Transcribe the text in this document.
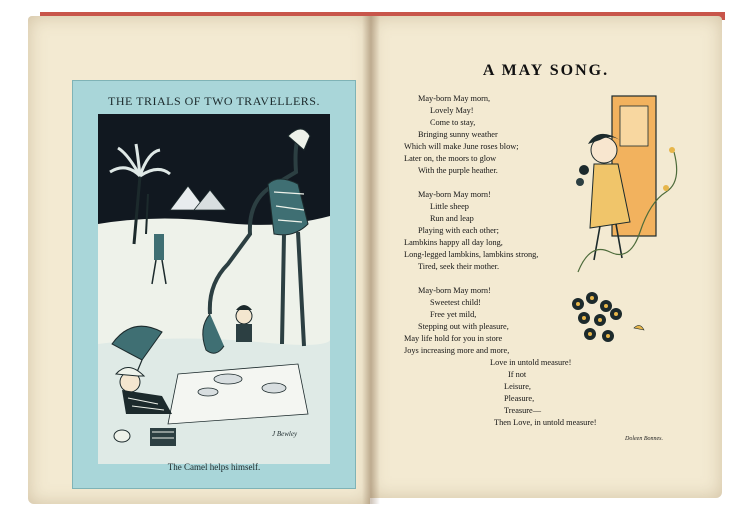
THE TRIALS OF TWO TRAVELLERS.
J Bewley
The Camel helps himself.
A MAY SONG.
May-born May morn,
Lovely May!
Come to stay,
Bringing sunny weather
Which will make June roses blow;
Later on, the moors to glow
With the purple heather.
May-born May morn!
Little sheep
Run and leap
Playing with each other;
Lambkins happy all day long,
Long-legged lambkins, lambkins strong,
Tired, seek their mother.
May-born May morn!
Sweetest child!
Free yet mild,
Stepping out with pleasure,
May life hold for you in store
Joys increasing more and more,
Love in untold measure!
If not
Leisure,
Pleasure,
Treasure—
Then Love, in untold measure!
Doleen Bonnes.
